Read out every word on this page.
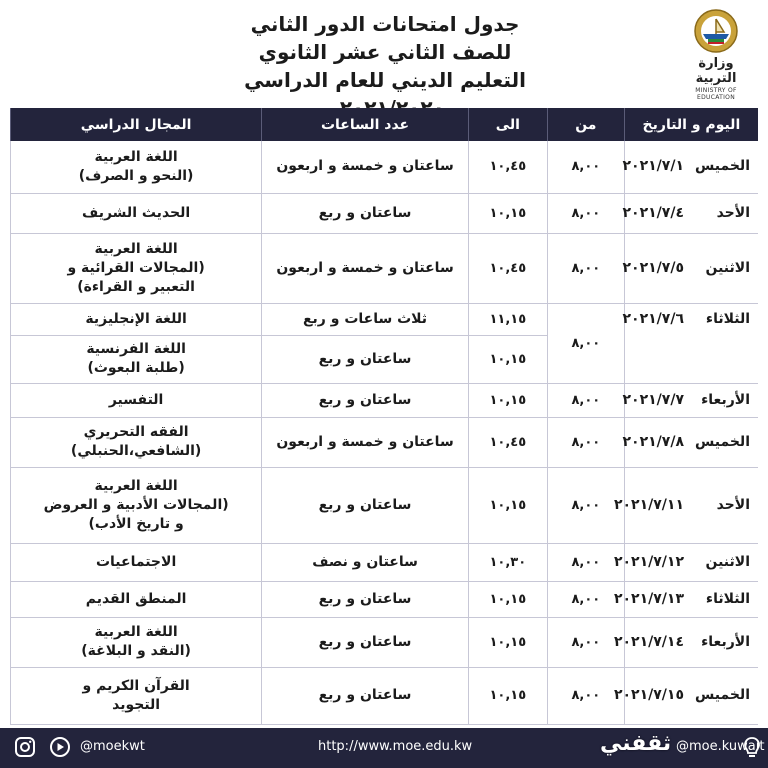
جدول امتحانات الدور الثاني
للصف الثاني عشر الثانوي
التعليم الديني للعام الدراسي
وزارة التربية
MINISTRY OF EDUCATION
اليوم و التاريخ	من	الى	عدد الساعات	المجال الدراسي
الخميس٢٠٢١/٧/١	٨,٠٠	١٠,٤٥	ساعتان و خمسة و اربعون	اللغة العربية
(النحو و الصرف)

الأحد٢٠٢١/٧/٤	٨,٠٠	١٠,١٥	ساعتان و ربع	الحديث الشريف

الاثنين٢٠٢١/٧/٥	٨,٠٠	١٠,٤٥	ساعتان و خمسة و اربعون	اللغة العربية
(المجالات القرائية و
التعبير و القراءة)

الثلاثاء٢٠٢١/٧/٦	٨,٠٠	١١,١٥	ثلاث ساعات و ربع	اللغة الإنجليزية

		١٠,١٥	ساعتان و ربع	اللغة الفرنسية
(طلبة البعوث)

الأربعاء٢٠٢١/٧/٧	٨,٠٠	١٠,١٥	ساعتان و ربع	التفسير

الخميس٢٠٢١/٧/٨	٨,٠٠	١٠,٤٥	ساعتان و خمسة و اربعون	الفقه التحريري
(الشافعي،الحنبلي)

الأحد٢٠٢١/٧/١١	٨,٠٠	١٠,١٥	ساعتان و ربع	اللغة العربية
(المجالات الأدبية و العروض
و تاريخ الأدب)

الاثنين٢٠٢١/٧/١٢	٨,٠٠	١٠,٣٠	ساعتان و نصف	الاجتماعيات

الثلاثاء٢٠٢١/٧/١٣	٨,٠٠	١٠,١٥	ساعتان و ربع	المنطق القديم

الأربعاء٢٠٢١/٧/١٤	٨,٠٠	١٠,١٥	ساعتان و ربع	اللغة العربية
(النقد و البلاغة)

الخميس٢٠٢١/٧/١٥	٨,٠٠	١٠,١٥	ساعتان و ربع	القرآن الكريم و
التجويد
@moekwt	http://www.moe.edu.kw	ثقفني @moe.kuwait
